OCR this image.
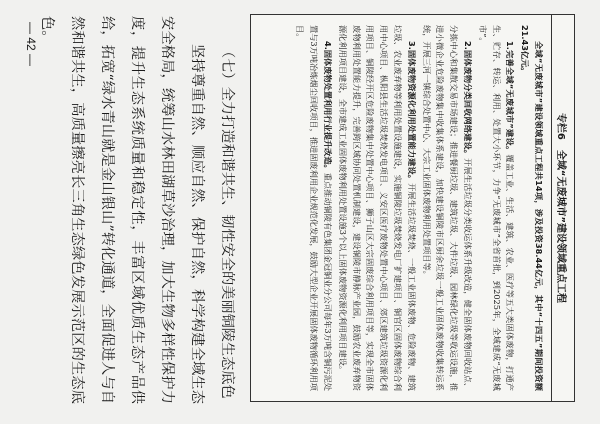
专栏6
全域“无废城市”建设领域重点工程

全域“无废城市”建设领域重点工程共14项，涉及投资38.44亿元，其中“十四五”期间投资额21.43亿元。

1.完善全域“无废城市”建设。覆盖工业、生活、建筑、农业、医疗等五大类固体废物，打通产生、贮存、转运、利用、处置大小环节，力争“无废城市”全省首批，到2025年，全域建成“无废城市”。

2.固体废物分类回收网络建设。开展生活垃圾分类收运体系升级改造，健全固体废物回收站点、分拣中心和集散交易市场建设；推进餐厨垃圾、建筑垃圾、大件垃圾、园林绿化垃圾等收运设施，推进小微企业危险废物集中收集体系建设，加快建设铜陵市区厨余垃圾一般工业固体废物收集转运系统，开展三河一镇综合处置中心、大宗工业固体废物利用处置项目等。

3.固体废物资源化利用处置能力建设。开展生活垃圾焚烧、一般工业固体废物、危险废物、建筑垃圾、农业废弃物等利用处置设施建设，实施铜陵垃圾焚烧发电厂扩建项目、铜官区固体废物综合利用中心项目、枞阳县生活垃圾焚烧发电项目、义安区医疗废物处置中心项目、郊区建筑垃圾资源化利用项目、铜陵经开区危险废物集中处置中心项目、狮子山区大宗固废综合利用项目等，实现全市固体废物利用处置能力提升，完善跨区域协同处置机制建设，建设铜陵市静脉产业园，鼓励农业废弃物资源化利用项目建设，全市建成工业固体废物利用处置设施3个以上固体废物资源化利用项目建设。

4.固体废物处置利用行业提升改造。重点推动铜陵有色集团金冠铜业分公司每年3万吨含铜污泥处置与3万吨冶炼烟尘回收项目，推进固废利用企业规范化发展，鼓励大型企业开展固体废物循环利用项目。

（七）全力打造和谐共生、韧性安全的美丽铜陵生态底色

坚持尊重自然、顺应自然、保护自然，科学构建全域生态安全格局，统筹山水林田湖草沙治理，加大生物多样性保护力度，提升生态系统质量和稳定性，丰富区域优质生态产品供给，拓宽“绿水青山就是金山银山”转化通道，全面促进人与自然和谐共生，高质量擦亮长三角生态绿色发展示范区的生态底色。

— 42 —
